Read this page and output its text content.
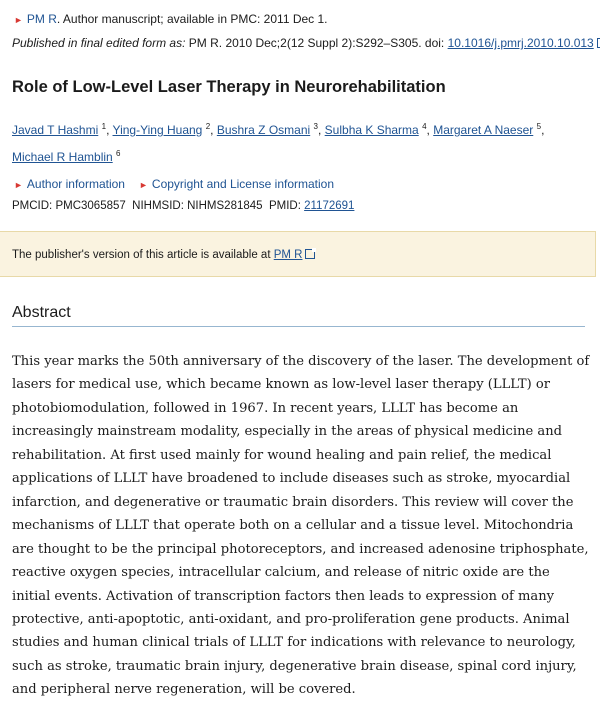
► PM R. Author manuscript; available in PMC: 2011 Dec 1.
Published in final edited form as: PM R. 2010 Dec;2(12 Suppl 2):S292–S305. doi: 10.1016/j.pmrj.2010.10.013
Role of Low-Level Laser Therapy in Neurorehabilitation
Javad T Hashmi $^1$, Ying-Ying Huang $^2$, Bushra Z Osmani $^3$, Sulbha K Sharma $^4$, Margaret A Naeser $^5$, Michael R Hamblin $^6$
► Author information ► Copyright and License information
PMCID: PMC3065857 NIHMSID: NIHMS281845 PMID: 21172691
The publisher's version of this article is available at PM R
Abstract

This year marks the 50th anniversary of the discovery of the laser. The development of lasers for medical use, which became known as low-level laser therapy (LLLT) or photobiomodulation, followed in 1967. In recent years, LLLT has become an increasingly mainstream modality, especially in the areas of physical medicine and rehabilitation. At first used mainly for wound healing and pain relief, the medical applications of LLLT have broadened to include diseases such as stroke, myocardial infarction, and degenerative or traumatic brain disorders. This review will cover the mechanisms of LLLT that operate both on a cellular and a tissue level. Mitochondria are thought to be the principal photoreceptors, and increased adenosine triphosphate, reactive oxygen species, intracellular calcium, and release of nitric oxide are the initial events. Activation of transcription factors then leads to expression of many protective, anti-apoptotic, anti-oxidant, and pro-proliferation gene products. Animal studies and human clinical trials of LLLT for indications with relevance to neurology, such as stroke, traumatic brain injury, degenerative brain disease, spinal cord injury, and peripheral nerve regeneration, will be covered.
